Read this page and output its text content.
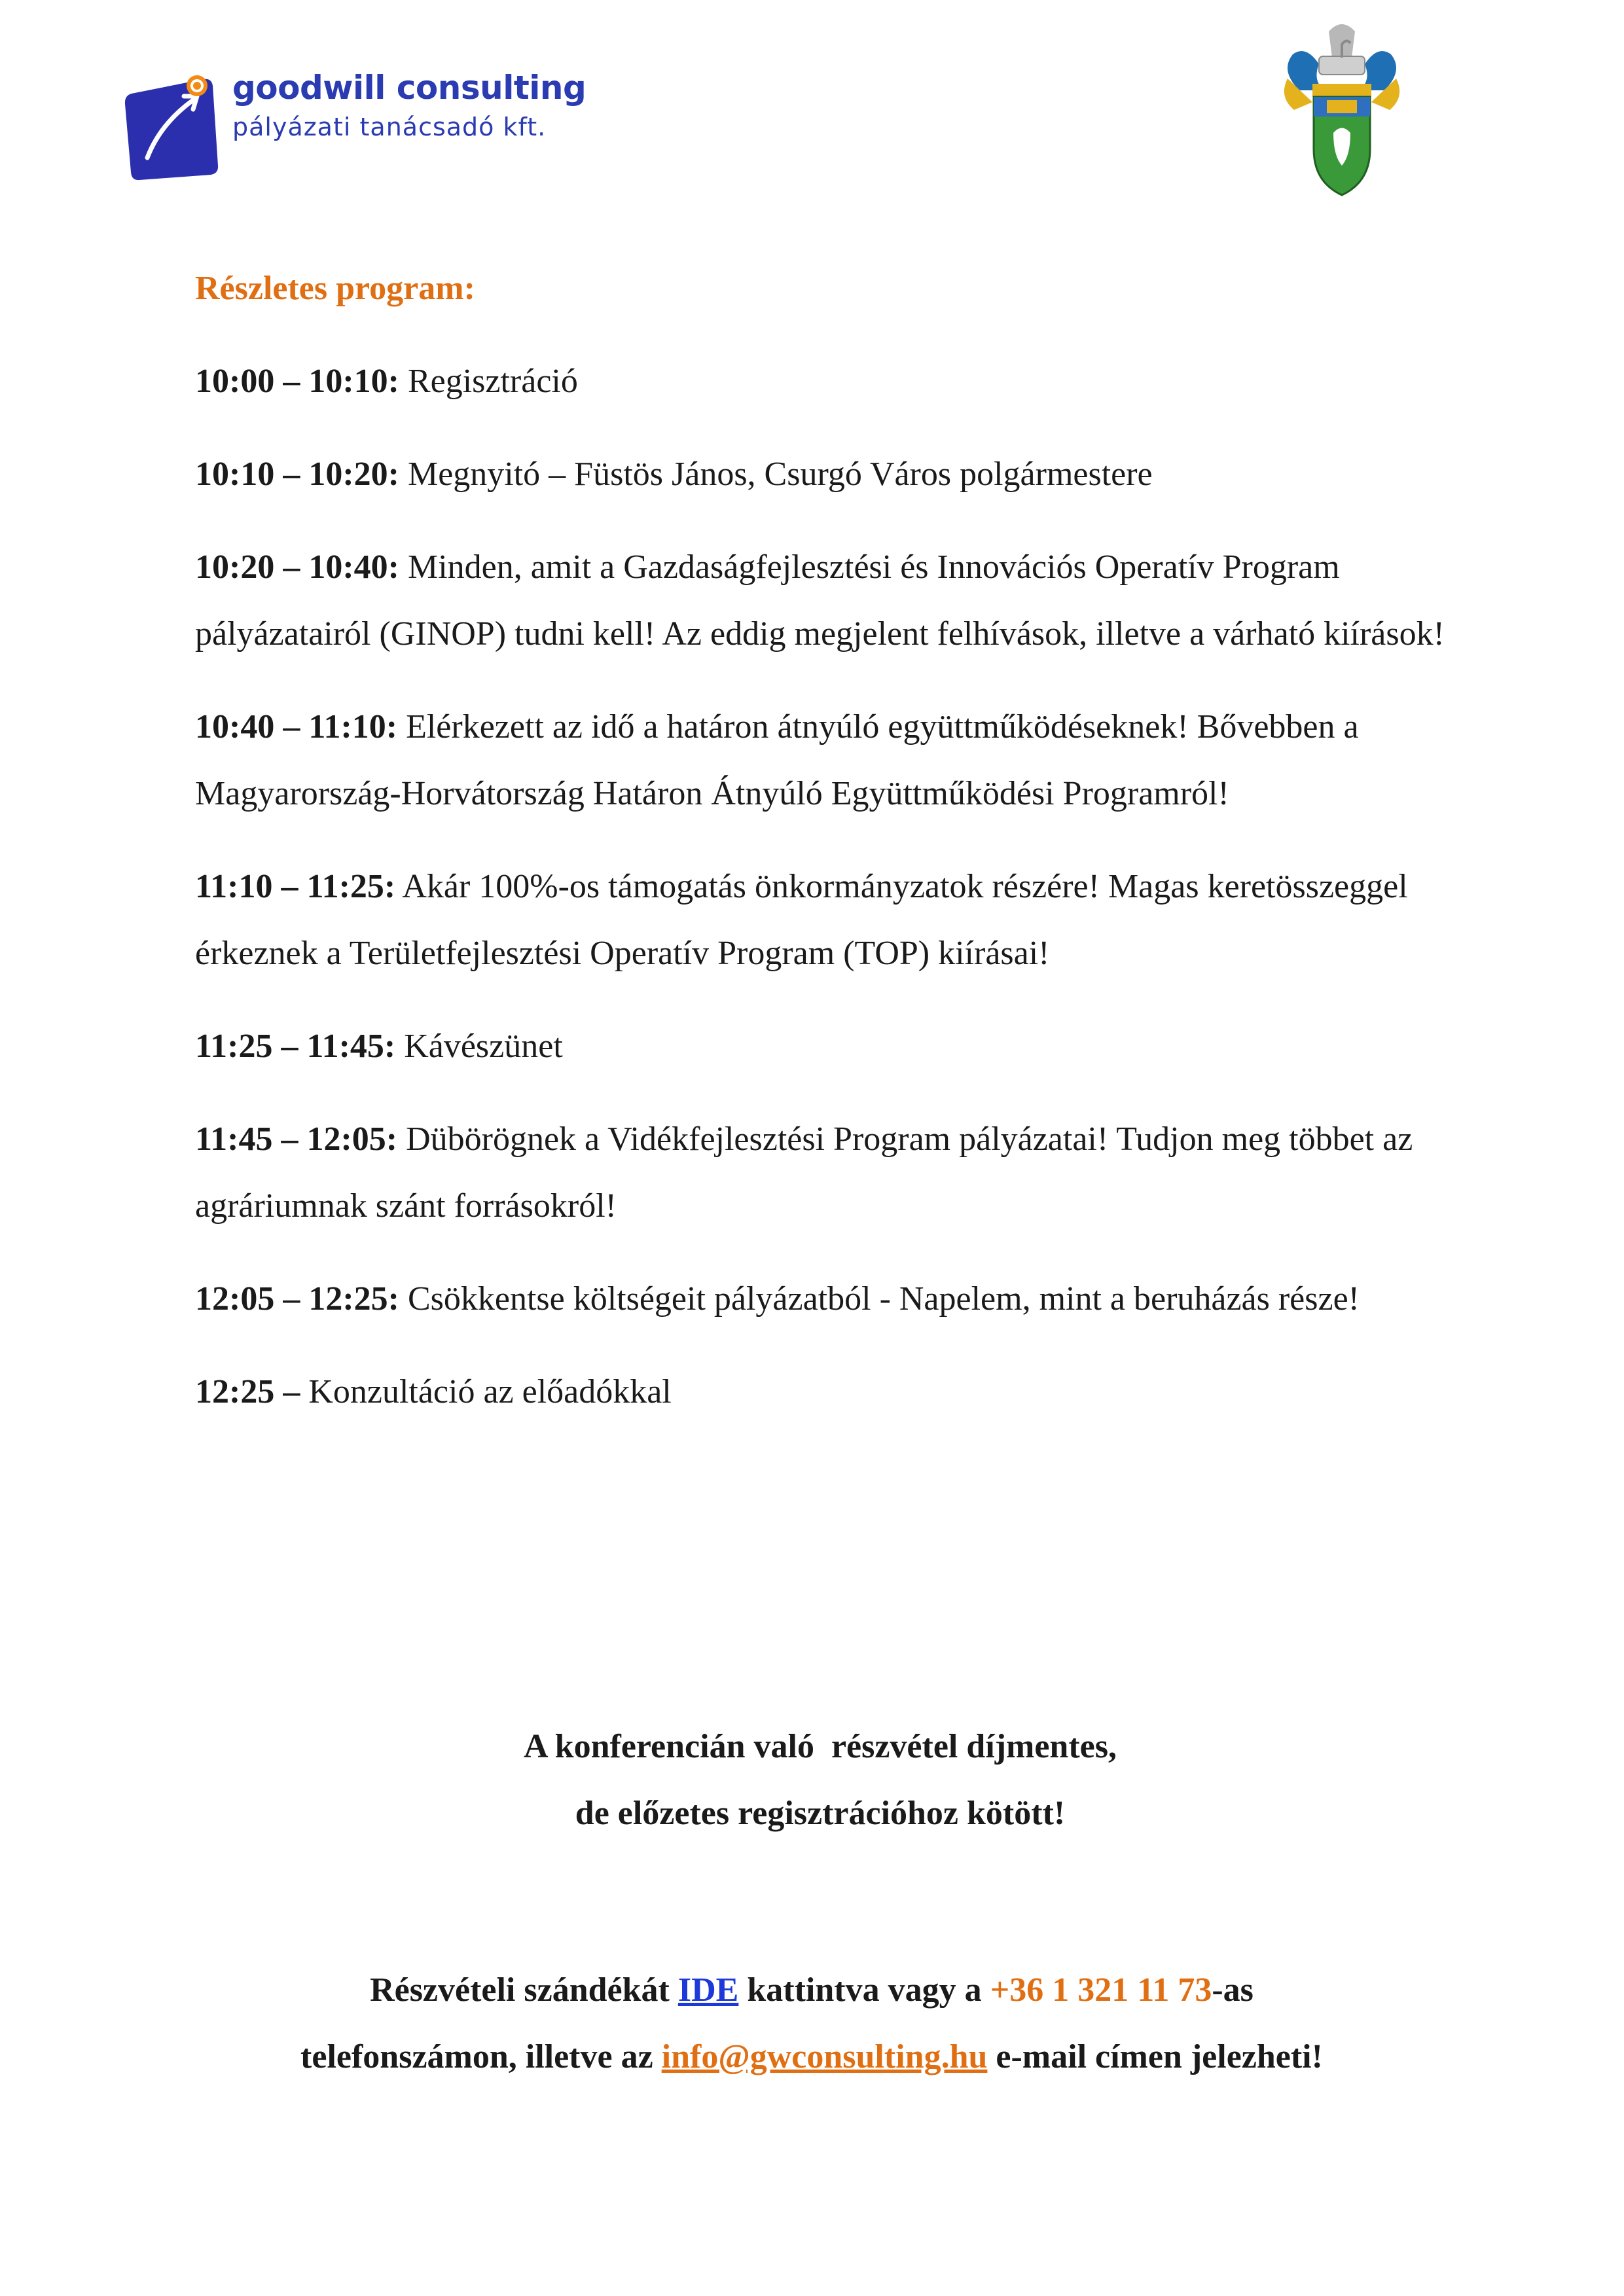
goodwill consulting
pályázati tanácsadó kft.
Részletes program:
10:00 – 10:10: Regisztráció
10:10 – 10:20: Megnyitó – Füstös János, Csurgó Város polgármestere
10:20 – 10:40: Minden, amit a Gazdaságfejlesztési és Innovációs Operatív Program pályázatairól (GINOP) tudni kell! Az eddig megjelent felhívások, illetve a várható kiírások!
10:40 – 11:10: Elérkezett az idő a határon átnyúló együttműködéseknek! Bővebben a Magyarország-Horvátország Határon Átnyúló Együttműködési Programról!
11:10 – 11:25: Akár 100%-os támogatás önkormányzatok részére! Magas keretösszeggel érkeznek a Területfejlesztési Operatív Program (TOP) kiírásai!
11:25 – 11:45: Kávészünet
11:45 – 12:05: Dübörögnek a Vidékfejlesztési Program pályázatai! Tudjon meg többet az agráriumnak szánt forrásokról!
12:05 – 12:25: Csökkentse költségeit pályázatból - Napelem, mint a beruházás része!
12:25 – Konzultáció az előadókkal
A konferencián való  részvétel díjmentes,
de előzetes regisztrációhoz kötött!
Részvételi szándékát IDE kattintva vagy a +36 1 321 11 73-as
telefonszámon, illetve az info@gwconsulting.hu e-mail címen jelezheti!
